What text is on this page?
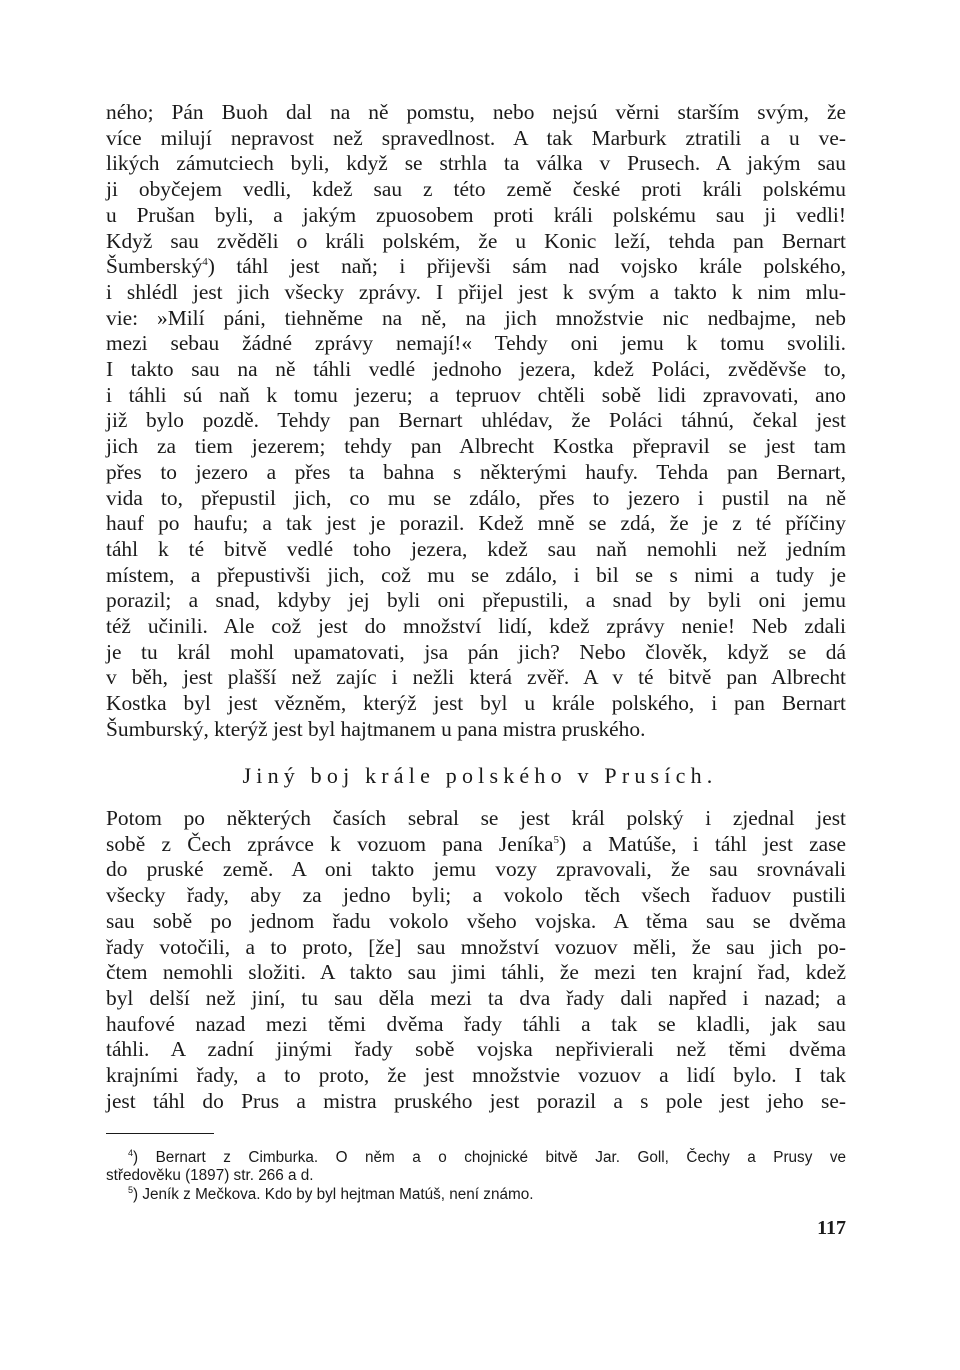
ného; Pán Buoh dal na ně pomstu, nebo nejsú věrni starším svým, že
více milují nepravost než spravedlnost. A tak Marburk ztratili a u ve-
likých zámutciech byli, když se strhla ta válka v Prusech. A jakým sau
ji obyčejem vedli, kdež sau z této země české proti králi polskému
u Prušan byli, a jakým zpuosobem proti králi polskému sau ji vedli!
Když sau zvěděli o králi polském, že u Konic leží, tehda pan Bernart
Šumberský$^4$) táhl jest naň; i přijevši sám nad vojsko krále polského,
i shlédl jest jich všecky zprávy. I přijel jest k svým a takto k nim mlu-
vie: »Milí páni, tiehněme na ně, na jich množstvie nic nedbajme, neb
mezi sebau žádné zprávy nemají!« Tehdy oni jemu k tomu svolili.
I takto sau na ně táhli vedlé jednoho jezera, kdež Poláci, zvěděvše to,
i táhli sú naň k tomu jezeru; a tepruov chtěli sobě lidi zpravovati, ano
již bylo pozdě. Tehdy pan Bernart uhlédav, že Poláci táhnú, čekal jest
jich za tiem jezerem; tehdy pan Albrecht Kostka přepravil se jest tam
přes to jezero a přes ta bahna s některými haufy. Tehda pan Bernart,
vida to, přepustil jich, co mu se zdálo, přes to jezero i pustil na ně
hauf po haufu; a tak jest je porazil. Kdež mně se zdá, že je z té příčiny
táhl k té bitvě vedlé toho jezera, kdež sau naň nemohli než jedním
místem, a přepustivši jich, což mu se zdálo, i bil se s nimi a tudy je
porazil; a snad, kdyby jej byli oni přepustili, a snad by byli oni jemu
též učinili. Ale což jest do množství lidí, kdež zprávy nenie! Neb zdali
je tu král mohl upamatovati, jsa pán jich? Nebo člověk, když se dá
v běh, jest plašší než zajíc i nežli která zvěř. A v té bitvě pan Albrecht
Kostka byl jest vězněm, kterýž jest byl u krále polského, i pan Bernart
Šumburský, kterýž jest byl hajtmanem u pana mistra pruského.
Jiný boj krále polského v Prusích.
Potom po některých časích sebral se jest král polský i zjednal jest
sobě z Čech zprávce k vozuom pana Jeníka$^5$) a Matúše, i táhl jest zase
do pruské země. A oni takto jemu vozy zpravovali, že sau srovnávali
všecky řady, aby za jedno byli; a vokolo těch všech řaduov pustili
sau sobě po jednom řadu vokolo všeho vojska. A těma sau se dvěma
řady votočili, a to proto, [že] sau množství vozuov měli, že sau jich po-
čtem nemohli složiti. A takto sau jimi táhli, že mezi ten krajní řad, kdež
byl delší než jiní, tu sau děla mezi ta dva řady dali napřed i nazad; a
haufové nazad mezi těmi dvěma řady táhli a tak se kladli, jak sau
táhli. A zadní jinými řady sobě vojska nepřivierali než těmi dvěma
krajními řady, a to proto, že jest množstvie vozuov a lidí bylo. I tak
jest táhl do Prus a mistra pruského jest porazil a s pole jest jeho se-
$^4$) Bernart z Cimburka. O něm a o chojnické bitvě Jar. Goll, Čechy a Prusy ve
středověku (1897) str. 266 a d.
$^5$) Jeník z Mečkova. Kdo by byl hejtman Matúš, není známo.
117
